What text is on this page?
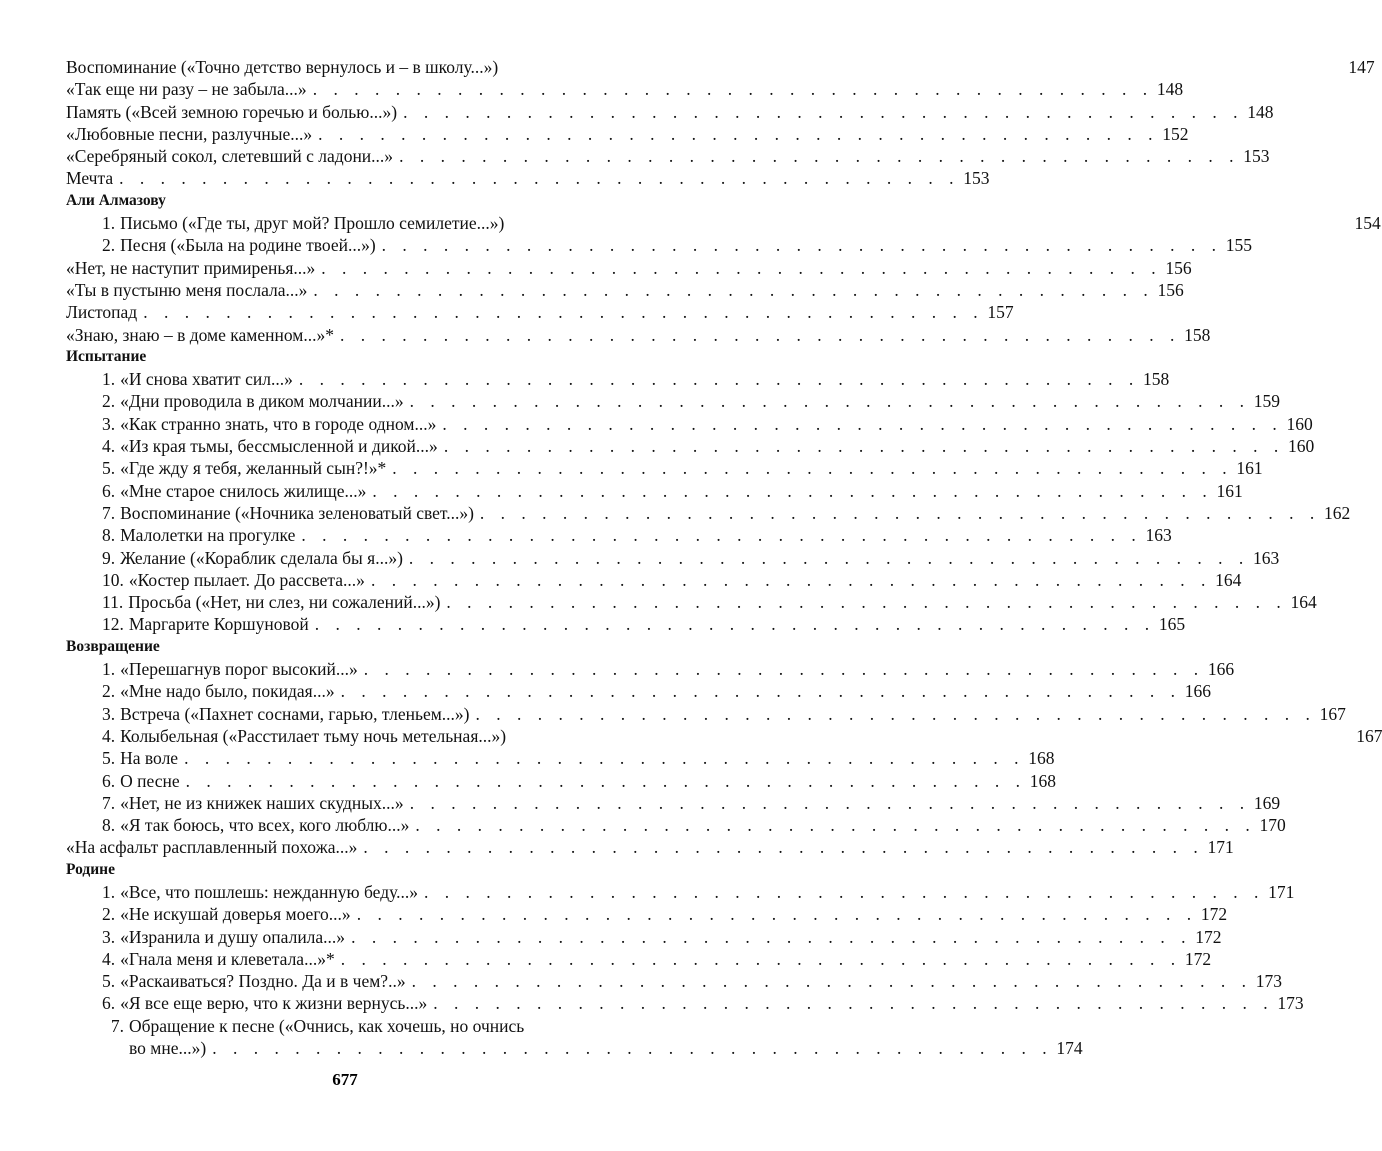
Воспоминание («Точно детство вернулось и – в школу...»)	147
«Так еще ни разу – не забыла...» . . .	148
Память («Всей земною горечью и болью...») . . .	148
«Любовные песни, разлучные...» . . .	152
«Серебряный сокол, слетевший с ладони...» . . .	153
Мечта . . .	153
Али Алмазову
1. Письмо («Где ты, друг мой? Прошло семилетие...»)	154
2. Песня («Была на родине твоей...») . . .	155
«Нет, не наступит примиренья...» . . .	156
«Ты в пустыню меня послала...» . . .	156
Листопад . . .	157
«Знаю, знаю – в доме каменном...»* . . .	158
Испытание
1. «И снова хватит сил...» . . .	158
2. «Дни проводила в диком молчании...» . . .	159
3. «Как странно знать, что в городе одном...» . . .	160
4. «Из края тьмы, бессмысленной и дикой...» . . .	160
5. «Где жду я тебя, желанный сын?!»* . . .	161
6. «Мне старое снилось жилище...» . . .	161
7. Воспоминание («Ночника зеленоватый свет...») . . .	162
8. Малолетки на прогулке . . .	163
9. Желание («Кораблик сделала бы я...») . . .	163
10. «Костер пылает. До рассвета...» . . .	164
11. Просьба («Нет, ни слез, ни сожалений...») . . .	164
12. Маргарите Коршуновой . . .	165
Возвращение
1. «Перешагнув порог высокий...» . . .	166
2. «Мне надо было, покидая...» . . .	166
3. Встреча («Пахнет соснами, гарью, тленьем...») . . .	167
4. Колыбельная («Расстилает тьму ночь метельная...»)	167
5. На воле . . .	168
6. О песне . . .	168
7. «Нет, не из книжек наших скудных...» . . .	169
8. «Я так боюсь, что всех, кого люблю...» . . .	170
«На асфальт расплавленный похожа...» . . .	171
Родине
1. «Все, что пошлешь: нежданную беду...» . . .	171
2. «Не искушай доверья моего...» . . .	172
3. «Изранила и душу опалила...» . . .	172
4. «Гнала меня и клеветала...»* . . .	172
5. «Раскаиваться? Поздно. Да и в чем?..» . . .	173
6. «Я все еще верю, что к жизни вернусь...» . . .	173
7. Обращение к песне («Очнись, как хочешь, но очнись
во мне...») . . .	174
677
